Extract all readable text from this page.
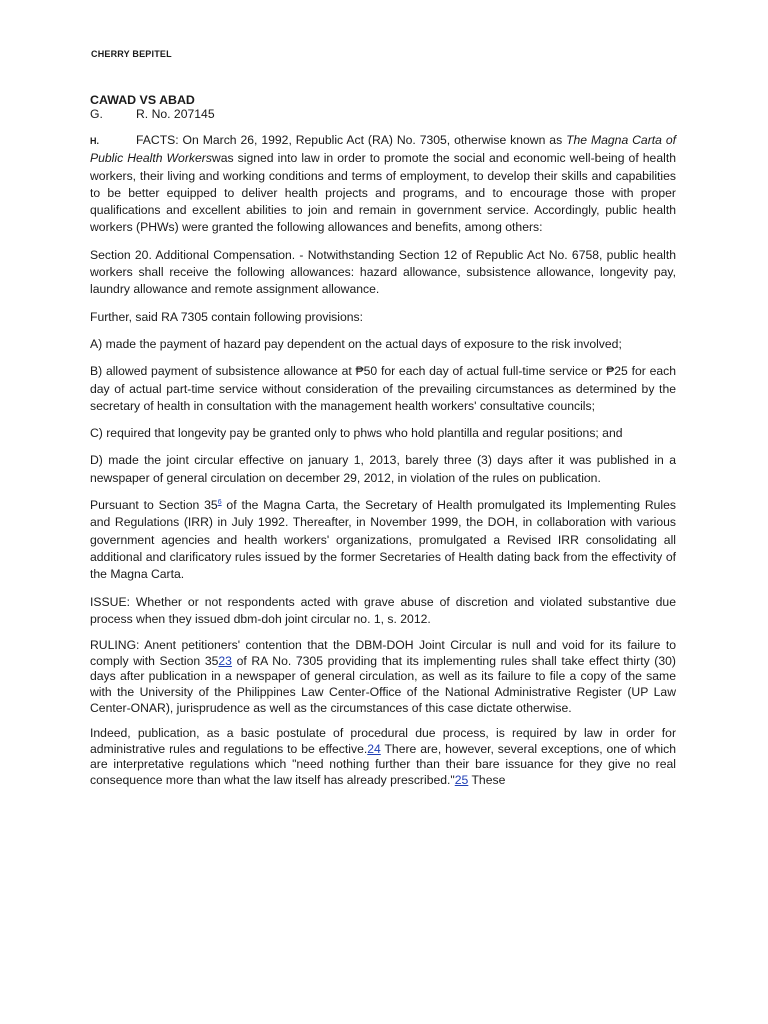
CHERRY BEPITEL

CAWAD VS ABAD

G.	R. No. 207145

H.	FACTS: On March 26, 1992, Republic Act (RA) No. 7305, otherwise known as The Magna Carta of Public Health Workerswas signed into law in order to promote the social and economic well-being of health workers, their living and working conditions and terms of employment, to develop their skills and capabilities to be better equipped to deliver health projects and programs, and to encourage those with proper qualifications and excellent abilities to join and remain in government service. Accordingly, public health workers (PHWs) were granted the following allowances and benefits, among others:

Section 20. Additional Compensation. - Notwithstanding Section 12 of Republic Act No. 6758, public health workers shall receive the following allowances: hazard allowance, subsistence allowance, longevity pay, laundry allowance and remote assignment allowance.

Further, said RA 7305 contain following provisions:

A) made the payment of hazard pay dependent on the actual days of exposure to the risk involved;

B) allowed payment of subsistence allowance at ₱50 for each day of actual full-time service or ₱25 for each day of actual part-time service without consideration of the prevailing circumstances as determined by the secretary of health in consultation with the management health workers' consultative councils;

C) required that longevity pay be granted only to phws who hold plantilla and regular positions; and

D) made the joint circular effective on january 1, 2013, barely three (3) days after it was published in a newspaper of general circulation on december 29, 2012, in violation of the rules on publication.

Pursuant to Section $35^6$ of the Magna Carta, the Secretary of Health promulgated its Implementing Rules and Regulations (IRR) in July 1992. Thereafter, in November 1999, the DOH, in collaboration with various government agencies and health workers' organizations, promulgated a Revised IRR consolidating all additional and clarificatory rules issued by the former Secretaries of Health dating back from the effectivity of the Magna Carta.

ISSUE: Whether or not respondents acted with grave abuse of discretion and violated substantive due process when they issued dbm-doh joint circular no. 1, s. 2012.

RULING: Anent petitioners' contention that the DBM-DOH Joint Circular is null and void for its failure to comply with Section 3523 of RA No. 7305 providing that its implementing rules shall take effect thirty (30) days after publication in a newspaper of general circulation, as well as its failure to file a copy of the same with the University of the Philippines Law Center-Office of the National Administrative Register (UP Law Center-ONAR), jurisprudence as well as the circumstances of this case dictate otherwise.

Indeed, publication, as a basic postulate of procedural due process, is required by law in order for administrative rules and regulations to be effective.24 There are, however, several exceptions, one of which are interpretative regulations which "need nothing further than their bare issuance for they give no real consequence more than what the law itself has already prescribed."25 These
